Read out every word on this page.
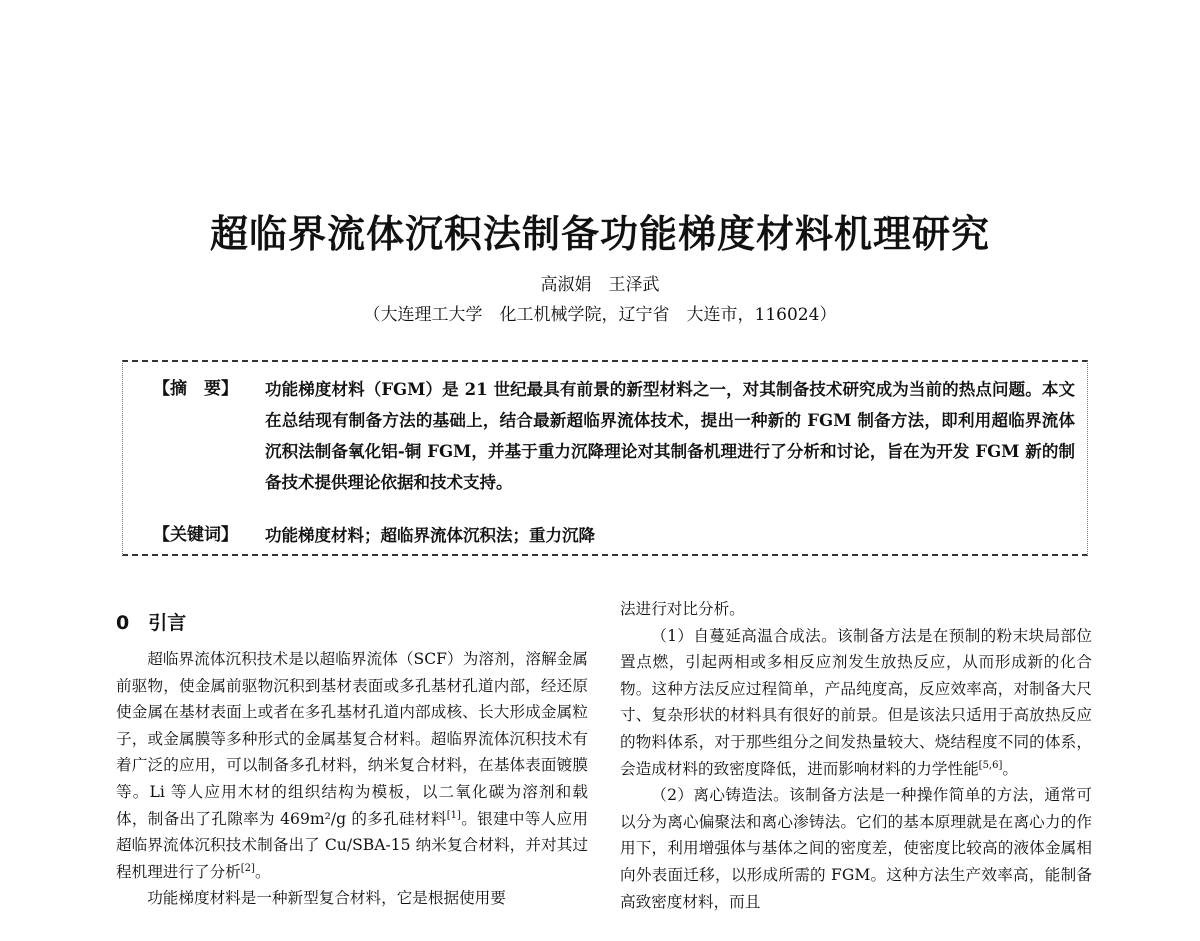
超临界流体沉积法制备功能梯度材料机理研究

高淑娟　王泽武

（大连理工大学　化工机械学院，辽宁省　大连市，116024）

【摘　要】	功能梯度材料（FGM）是 21 世纪最具有前景的新型材料之一，对其制备技术研究成为当前的热点问题。本文在总结现有制备方法的基础上，结合最新超临界流体技术，提出一种新的 FGM 制备方法，即利用超临界流体沉积法制备氧化铝-铜 FGM，并基于重力沉降理论对其制备机理进行了分析和讨论，旨在为开发 FGM 新的制备技术提供理论依据和技术支持。
【关键词】	功能梯度材料；超临界流体沉积法；重力沉降
0　引言

超临界流体沉积技术是以超临界流体（SCF）为溶剂，溶解金属前驱物，使金属前驱物沉积到基材表面或多孔基材孔道内部，经还原使金属在基材表面上或者在多孔基材孔道内部成核、长大形成金属粒子，或金属膜等多种形式的金属基复合材料。超临界流体沉积技术有着广泛的应用，可以制备多孔材料，纳米复合材料，在基体表面镀膜等。Li 等人应用木材的组织结构为模板，以二氧化碳为溶剂和载体，制备出了孔隙率为 469m²/g 的多孔硅材料[1]。银建中等人应用超临界流体沉积技术制备出了 Cu/SBA-15 纳米复合材料，并对其过程机理进行了分析[2]。

功能梯度材料是一种新型复合材料，它是根据使用要

法进行对比分析。

（1）自蔓延高温合成法。该制备方法是在预制的粉末块局部位置点燃，引起两相或多相反应剂发生放热反应，从而形成新的化合物。这种方法反应过程简单，产品纯度高，反应效率高，对制备大尺寸、复杂形状的材料具有很好的前景。但是该法只适用于高放热反应的物料体系，对于那些组分之间发热量较大、烧结程度不同的体系，会造成材料的致密度降低，进而影响材料的力学性能[5,6]。

（2）离心铸造法。该制备方法是一种操作简单的方法，通常可以分为离心偏聚法和离心渗铸法。它们的基本原理就是在离心力的作用下，利用增强体与基体之间的密度差，使密度比较高的液体金属相向外表面迁移，以形成所需的 FGM。这种方法生产效率高，能制备高致密度材料，而且
